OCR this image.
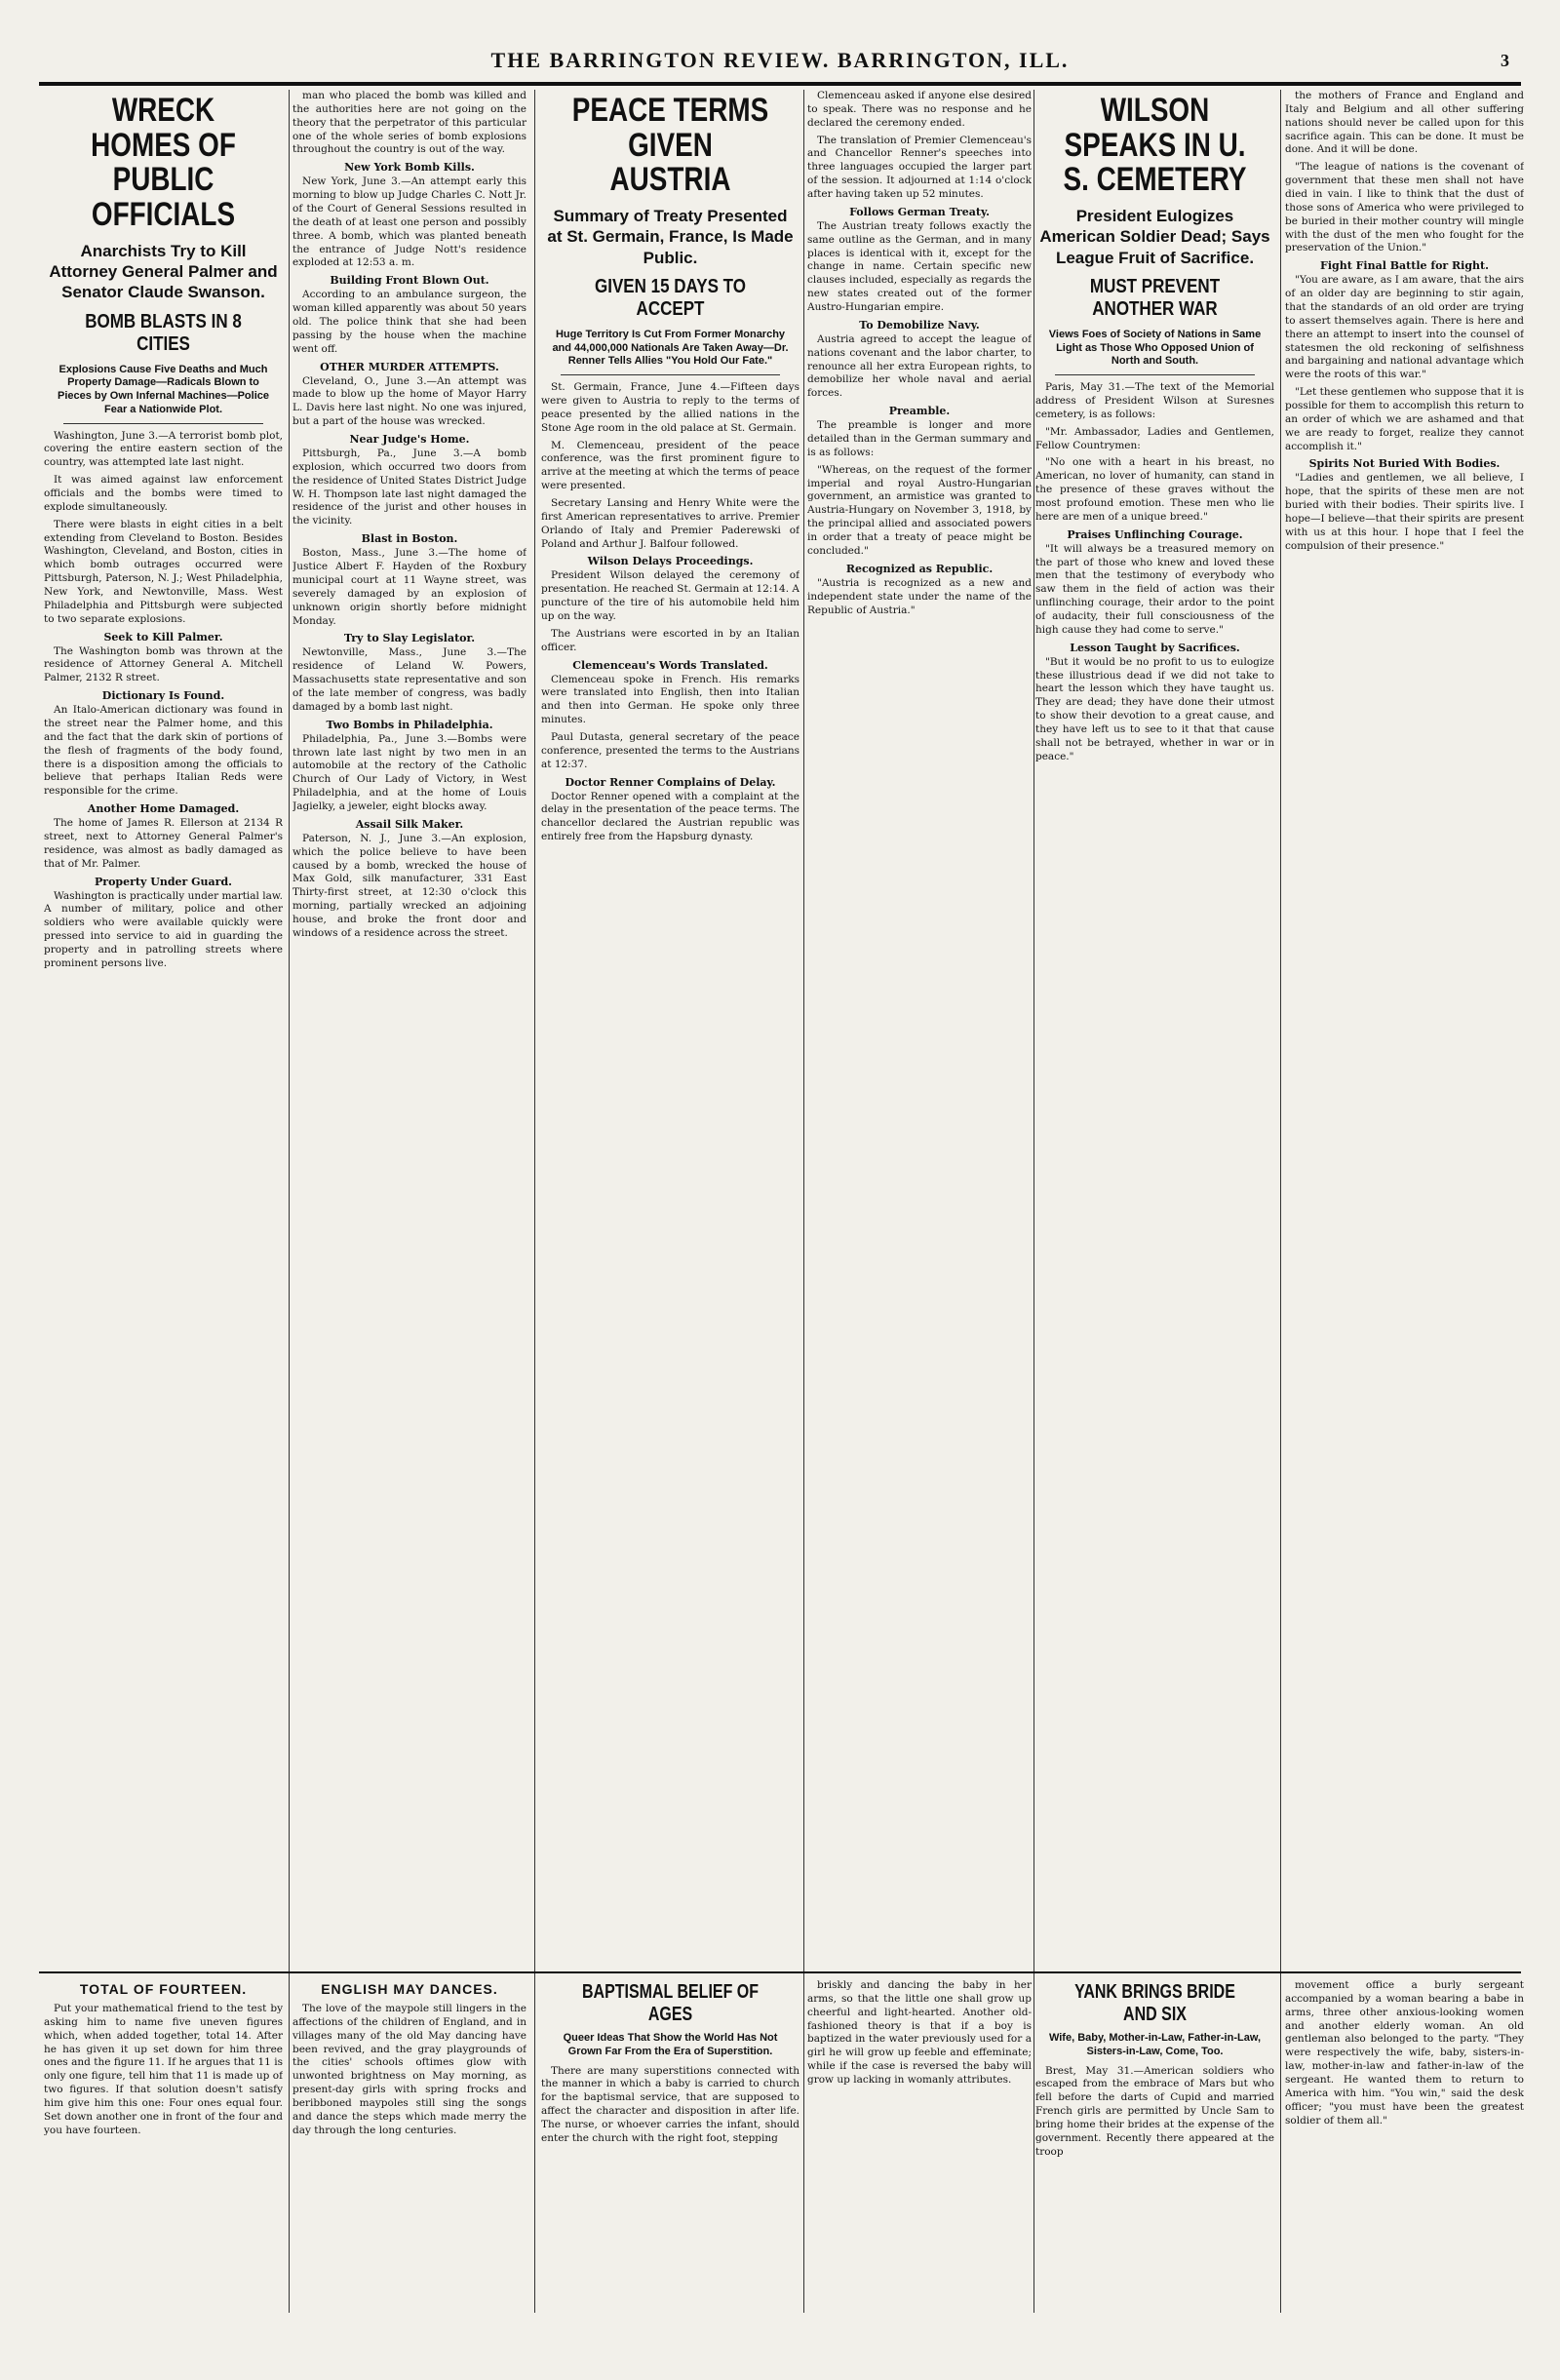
THE BARRINGTON REVIEW. BARRINGTON, ILL.	3
WRECK HOMES OF PUBLIC OFFICIALS
Anarchists Try to Kill Attorney General Palmer and Senator Claude Swanson.
BOMB BLASTS IN 8 CITIES
Explosions Cause Five Deaths and Much Property Damage—Radicals Blown to Pieces by Own Infernal Machines—Police Fear a Nationwide Plot.

Washington, June 3.—A terrorist bomb plot, covering the entire eastern section of the country, was attempted late last night.

It was aimed against law enforcement officials and the bombs were timed to explode simultaneously.

There were blasts in eight cities in a belt extending from Cleveland to Boston. Besides Washington, Cleveland, and Boston, cities in which bomb outrages occurred were Pittsburgh, Paterson, N. J.; West Philadelphia, New York, and Newtonville, Mass. West Philadelphia and Pittsburgh were subjected to two separate explosions.

Seek to Kill Palmer.

The Washington bomb was thrown at the residence of Attorney General A. Mitchell Palmer, 2132 R street.

Dictionary Is Found.

An Italo-American dictionary was found in the street near the Palmer home, and this and the fact that the dark skin of portions of the flesh of fragments of the body found, there is a disposition among the officials to believe that perhaps Italian Reds were responsible for the crime.

Another Home Damaged.

The home of James R. Ellerson at 2134 R street, next to Attorney General Palmer's residence, was almost as badly damaged as that of Mr. Palmer.

Property Under Guard.

Washington is practically under martial law. A number of military, police and other soldiers who were available quickly were pressed into service to aid in guarding the property and in patrolling streets where prominent persons live.

man who placed the bomb was killed and the authorities here are not going on the theory that the perpetrator of this particular one of the whole series of bomb explosions throughout the country is out of the way.

New York Bomb Kills.

New York, June 3.—An attempt early this morning to blow up Judge Charles C. Nott Jr. of the Court of General Sessions resulted in the death of at least one person and possibly three. A bomb, which was planted beneath the entrance of Judge Nott's residence exploded at 12:53 a. m.

Building Front Blown Out.

According to an ambulance surgeon, the woman killed apparently was about 50 years old. The police think that she had been passing by the house when the machine went off.

OTHER MURDER ATTEMPTS.

Cleveland, O., June 3.—An attempt was made to blow up the home of Mayor Harry L. Davis here last night. No one was injured, but a part of the house was wrecked.

Near Judge's Home.

Pittsburgh, Pa., June 3.—A bomb explosion, which occurred two doors from the residence of United States District Judge W. H. Thompson late last night damaged the residence of the jurist and other houses in the vicinity.

Blast in Boston.

Boston, Mass., June 3.—The home of Justice Albert F. Hayden of the Roxbury municipal court at 11 Wayne street, was severely damaged by an explosion of unknown origin shortly before midnight Monday.

Try to Slay Legislator.

Newtonville, Mass., June 3.—The residence of Leland W. Powers, Massachusetts state representative and son of the late member of congress, was badly damaged by a bomb last night.

Two Bombs in Philadelphia.

Philadelphia, Pa., June 3.—Bombs were thrown late last night by two men in an automobile at the rectory of the Catholic Church of Our Lady of Victory, in West Philadelphia, and at the home of Louis Jagielky, a jeweler, eight blocks away.

Assail Silk Maker.

Paterson, N. J., June 3.—An explosion, which the police believe to have been caused by a bomb, wrecked the house of Max Gold, silk manufacturer, 331 East Thirty-first street, at 12:30 o'clock this morning, partially wrecked an adjoining house, and broke the front door and windows of a residence across the street.

PEACE TERMS GIVEN AUSTRIA
Summary of Treaty Presented at St. Germain, France, Is Made Public.
GIVEN 15 DAYS TO ACCEPT
Huge Territory Is Cut From Former Monarchy and 44,000,000 Nationals Are Taken Away—Dr. Renner Tells Allies "You Hold Our Fate."

St. Germain, France, June 4.—Fifteen days were given to Austria to reply to the terms of peace presented by the allied nations in the Stone Age room in the old palace at St. Germain.

M. Clemenceau, president of the peace conference, was the first prominent figure to arrive at the meeting at which the terms of peace were presented.

Secretary Lansing and Henry White were the first American representatives to arrive. Premier Orlando of Italy and Premier Paderewski of Poland and Arthur J. Balfour followed.

Wilson Delays Proceedings.

President Wilson delayed the ceremony of presentation. He reached St. Germain at 12:14. A puncture of the tire of his automobile held him up on the way.

The Austrians were escorted in by an Italian officer.

Clemenceau's Words Translated.

Clemenceau spoke in French. His remarks were translated into English, then into Italian and then into German. He spoke only three minutes.

Paul Dutasta, general secretary of the peace conference, presented the terms to the Austrians at 12:37.

Doctor Renner Complains of Delay.

Doctor Renner opened with a complaint at the delay in the presentation of the peace terms. The chancellor declared the Austrian republic was entirely free from the Hapsburg dynasty.

Clemenceau asked if anyone else desired to speak. There was no response and he declared the ceremony ended.

The translation of Premier Clemenceau's and Chancellor Renner's speeches into three languages occupied the larger part of the session. It adjourned at 1:14 o'clock after having taken up 52 minutes.

Follows German Treaty.

The Austrian treaty follows exactly the same outline as the German, and in many places is identical with it, except for the change in name. Certain specific new clauses included, especially as regards the new states created out of the former Austro-Hungarian empire.

To Demobilize Navy.

Austria agreed to accept the league of nations covenant and the labor charter, to renounce all her extra European rights, to demobilize her whole naval and aerial forces.

Preamble.

The preamble is longer and more detailed than in the German summary and is as follows:

"Whereas, on the request of the former imperial and royal Austro-Hungarian government, an armistice was granted to Austria-Hungary on November 3, 1918, by the principal allied and associated powers in order that a treaty of peace might be concluded."

Recognized as Republic.

"Austria is recognized as a new and independent state under the name of the Republic of Austria."

WILSON SPEAKS IN U. S. CEMETERY
President Eulogizes American Soldier Dead; Says League Fruit of Sacrifice.
MUST PREVENT ANOTHER WAR
Views Foes of Society of Nations in Same Light as Those Who Opposed Union of North and South.

Paris, May 31.—The text of the Memorial address of President Wilson at Suresnes cemetery, is as follows:

"Mr. Ambassador, Ladies and Gentlemen, Fellow Countrymen:

"No one with a heart in his breast, no American, no lover of humanity, can stand in the presence of these graves without the most profound emotion. These men who lie here are men of a unique breed."

Praises Unflinching Courage.

"It will always be a treasured memory on the part of those who knew and loved these men that the testimony of everybody who saw them in the field of action was their unflinching courage, their ardor to the point of audacity, their full consciousness of the high cause they had come to serve."

Lesson Taught by Sacrifices.

"But it would be no profit to us to eulogize these illustrious dead if we did not take to heart the lesson which they have taught us. They are dead; they have done their utmost to show their devotion to a great cause, and they have left us to see to it that that cause shall not be betrayed, whether in war or in peace."

the mothers of France and England and Italy and Belgium and all other suffering nations should never be called upon for this sacrifice again. This can be done. It must be done. And it will be done.

"The league of nations is the covenant of government that these men shall not have died in vain. I like to think that the dust of those sons of America who were privileged to be buried in their mother country will mingle with the dust of the men who fought for the preservation of the Union."

Fight Final Battle for Right.

"You are aware, as I am aware, that the airs of an older day are beginning to stir again, that the standards of an old order are trying to assert themselves again. There is here and there an attempt to insert into the counsel of statesmen the old reckoning of selfishness and bargaining and national advantage which were the roots of this war."

"Let these gentlemen who suppose that it is possible for them to accomplish this return to an order of which we are ashamed and that we are ready to forget, realize they cannot accomplish it."

Spirits Not Buried With Bodies.

"Ladies and gentlemen, we all believe, I hope, that the spirits of these men are not buried with their bodies. Their spirits live. I hope—I believe—that their spirits are present with us at this hour. I hope that I feel the compulsion of their presence."

TOTAL OF FOURTEEN.

Put your mathematical friend to the test by asking him to name five uneven figures which, when added together, total 14. After he has given it up set down for him three ones and the figure 11. If he argues that 11 is only one figure, tell him that 11 is made up of two figures. If that solution doesn't satisfy him give him this one: Four ones equal four. Set down another one in front of the four and you have fourteen.

ENGLISH MAY DANCES.

The love of the maypole still lingers in the affections of the children of England, and in villages many of the old May dancing have been revived, and the gray playgrounds of the cities' schools oftimes glow with unwonted brightness on May morning, as present-day girls with spring frocks and beribboned maypoles still sing the songs and dance the steps which made merry the day through the long centuries.

BAPTISMAL BELIEF OF AGES
Queer Ideas That Show the World Has Not Grown Far From the Era of Superstition.

There are many superstitions connected with the manner in which a baby is carried to church for the baptismal service, that are supposed to affect the character and disposition in after life. The nurse, or whoever carries the infant, should enter the church with the right foot, stepping

briskly and dancing the baby in her arms, so that the little one shall grow up cheerful and light-hearted. Another old-fashioned theory is that if a boy is baptized in the water previously used for a girl he will grow up feeble and effeminate; while if the case is reversed the baby will grow up lacking in womanly attributes.

YANK BRINGS BRIDE AND SIX
Wife, Baby, Mother-in-Law, Father-in-Law, Sisters-in-Law, Come, Too.

Brest, May 31.—American soldiers who escaped from the embrace of Mars but who fell before the darts of Cupid and married French girls are permitted by Uncle Sam to bring home their brides at the expense of the government. Recently there appeared at the troop

movement office a burly sergeant accompanied by a woman bearing a babe in arms, three other anxious-looking women and another elderly woman. An old gentleman also belonged to the party. "They were respectively the wife, baby, sisters-in-law, mother-in-law and father-in-law of the sergeant. He wanted them to return to America with him. "You win," said the desk officer; "you must have been the greatest soldier of them all."
